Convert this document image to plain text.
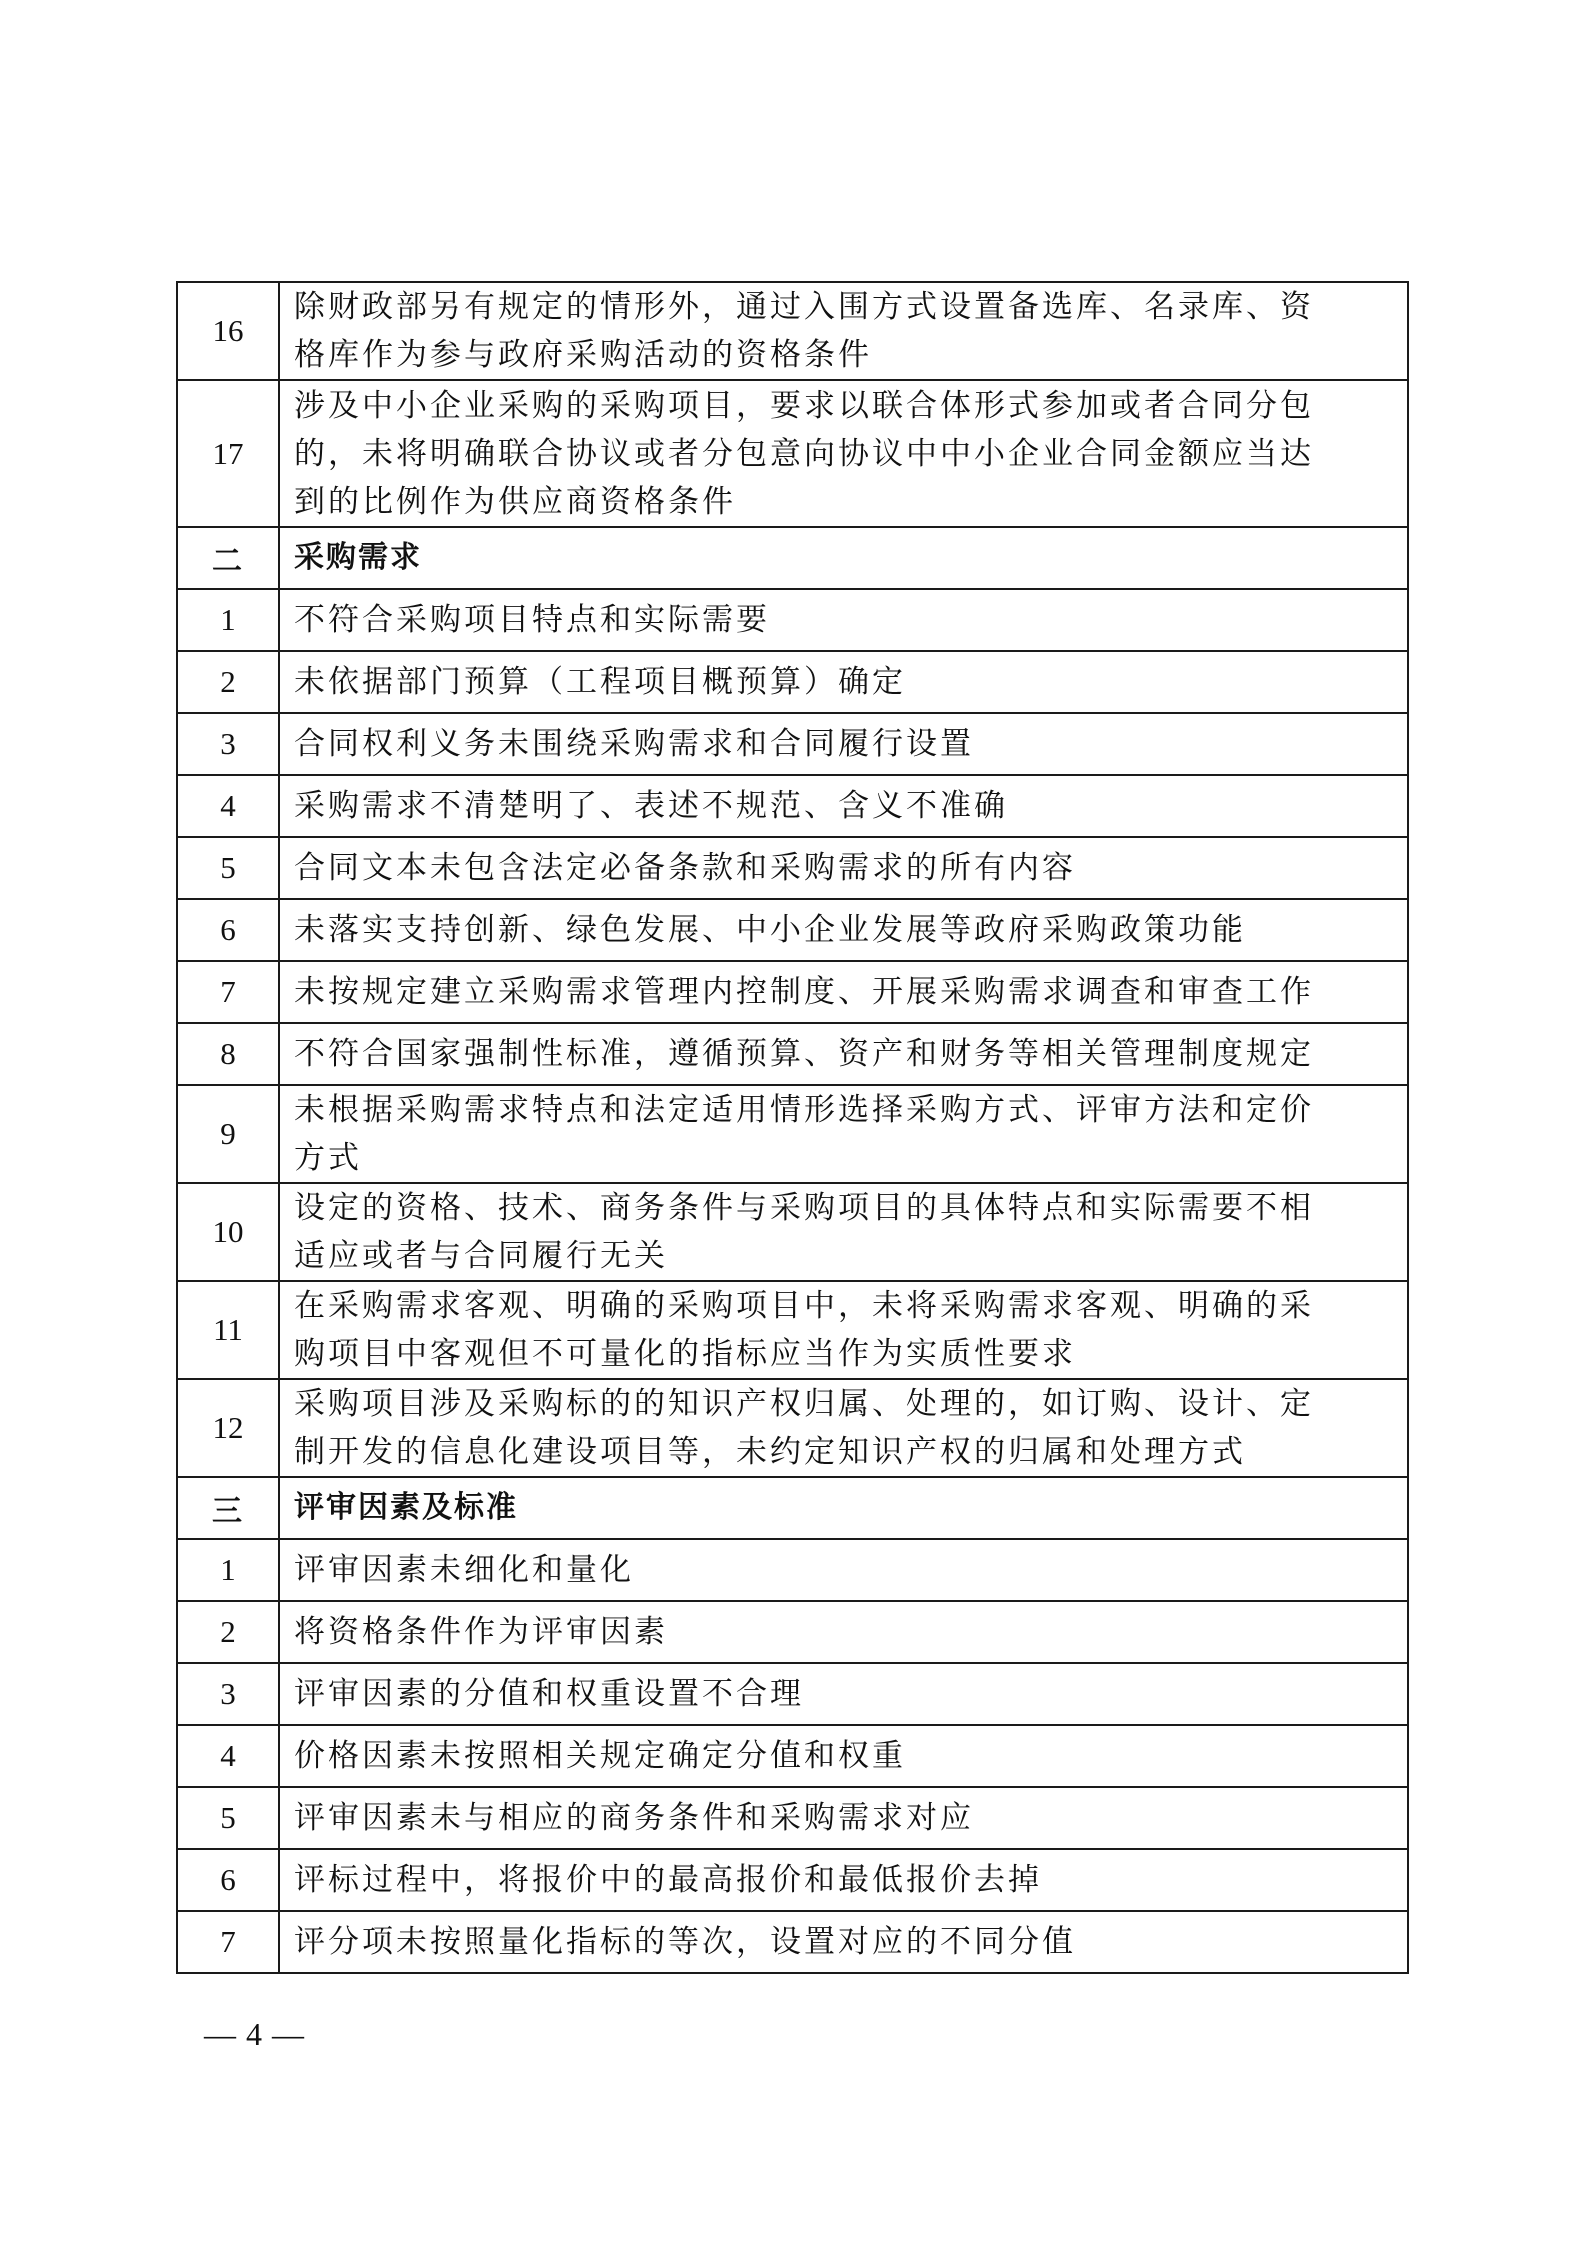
16	除财政部另有规定的情形外，通过入围方式设置备选库、名录库、资
格库作为参与政府采购活动的资格条件

17	涉及中小企业采购的采购项目，要求以联合体形式参加或者合同分包
的，未将明确联合协议或者分包意向协议中中小企业合同金额应当达
到的比例作为供应商资格条件

二	采购需求

1	不符合采购项目特点和实际需要

2	未依据部门预算（工程项目概预算）确定

3	合同权利义务未围绕采购需求和合同履行设置

4	采购需求不清楚明了、表述不规范、含义不准确

5	合同文本未包含法定必备条款和采购需求的所有内容

6	未落实支持创新、绿色发展、中小企业发展等政府采购政策功能

7	未按规定建立采购需求管理内控制度、开展采购需求调查和审查工作

8	不符合国家强制性标准，遵循预算、资产和财务等相关管理制度规定

9	未根据采购需求特点和法定适用情形选择采购方式、评审方法和定价
方式

10	设定的资格、技术、商务条件与采购项目的具体特点和实际需要不相
适应或者与合同履行无关

11	在采购需求客观、明确的采购项目中，未将采购需求客观、明确的采
购项目中客观但不可量化的指标应当作为实质性要求

12	采购项目涉及采购标的的知识产权归属、处理的，如订购、设计、定
制开发的信息化建设项目等，未约定知识产权的归属和处理方式

三	评审因素及标准

1	评审因素未细化和量化

2	将资格条件作为评审因素

3	评审因素的分值和权重设置不合理

4	价格因素未按照相关规定确定分值和权重

5	评审因素未与相应的商务条件和采购需求对应

6	评标过程中，将报价中的最高报价和最低报价去掉

7	评分项未按照量化指标的等次，设置对应的不同分值
— 4 —
